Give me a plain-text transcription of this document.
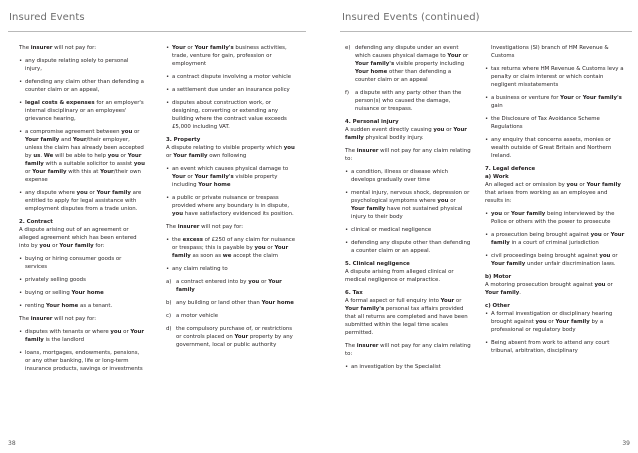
Insured Events	Insured Events (continued)
The insurer will not pay for:
• any dispute relating solely to personal injury,
• defending any claim other than defending a counter claim or an appeal,
• legal costs & expenses for an employer's internal disciplinary or an employees' grievance hearing,
• a compromise agreement between you or Your family and Your/their employer, unless the claim has already been accepted by us. We will be able to help you or Your family with a suitable solicitor to assist you or Your family with this at Your/their own expense
• any dispute where you or Your family are entitled to apply for legal assistance with employment disputes from a trade union.
2. Contract
A dispute arising out of an agreement or alleged agreement which has been entered into by you or Your family for:
• buying or hiring consumer goods or services
• privately selling goods
• buying or selling Your home
• renting Your home as a tenant.
The insurer will not pay for:
• disputes with tenants or where you or Your family is the landlord
• loans, mortgages, endowments, pensions, or any other banking, life or long-term insurance products, savings or investments
• Your or Your family's business activities, trade, venture for gain, profession or employment
• a contract dispute involving a motor vehicle
• a settlement due under an insurance policy
• disputes about construction work, or designing, converting or extending any building where the contract value exceeds £5,000 including VAT.
3. Property
A dispute relating to visible property which you or Your family own following
• an event which causes physical damage to Your or Your family's visible property including Your home
• a public or private nuisance or trespass provided where any boundary is in dispute, you have satisfactory evidenced its position.
The insurer will not pay for:
• the excess of £250 of any claim for nuisance or trespass; this is payable by you or Your family as soon as we accept the claim
• any claim relating to
a) a contract entered into by you or Your family
b) any building or land other than Your home
c) a motor vehicle
d) the compulsory purchase of, or restrictions or controls placed on Your property by any government, local or public authority
e) defending any dispute under an event which causes physical damage to Your or Your family's visible property including Your home other than defending a counter claim or an appeal
f) a dispute with any party other than the person(s) who caused the damage, nuisance or trespass.
4. Personal injury
A sudden event directly causing you or Your family physical bodily injury.
The insurer will not pay for any claim relating to:
• a condition, illness or disease which develops gradually over time
• mental injury, nervous shock, depression or psychological symptoms where you or Your family have not sustained physical injury to their body
• clinical or medical negligence
• defending any dispute other than defending a counter claim or an appeal.
5. Clinical negligence
A dispute arising from alleged clinical or medical negligence or malpractice.
6. Tax
A formal aspect or full enquiry into Your or Your family's personal tax affairs provided that all returns are completed and have been submitted within the legal time scales permitted.
The insurer will not pay for any claim relating to:
• an investigation by the Specialist
Investigations (SI) branch of HM Revenue & Customs
• tax returns where HM Revenue & Customs levy a penalty or claim interest or which contain negligent misstatements
• a business or venture for Your or Your family's gain
• the Disclosure of Tax Avoidance Scheme Regulations
• any enquiry that concerns assets, monies or wealth outside of Great Britain and Northern Ireland.
7. Legal defence
a) Work
An alleged act or omission by you or Your family that arises from working as an employee and results in:
• you or Your family being interviewed by the Police or others with the power to prosecute
• a prosecution being brought against you or Your family in a court of criminal jurisdiction
• civil proceedings being brought against you or Your family under unfair discrimination laws.
b) Motor
A motoring prosecution brought against you or Your family.
c) Other
• A formal investigation or disciplinary hearing brought against you or Your family by a professional or regulatory body
• Being absent from work to attend any court tribunal, arbitration, disciplinary
38	39
